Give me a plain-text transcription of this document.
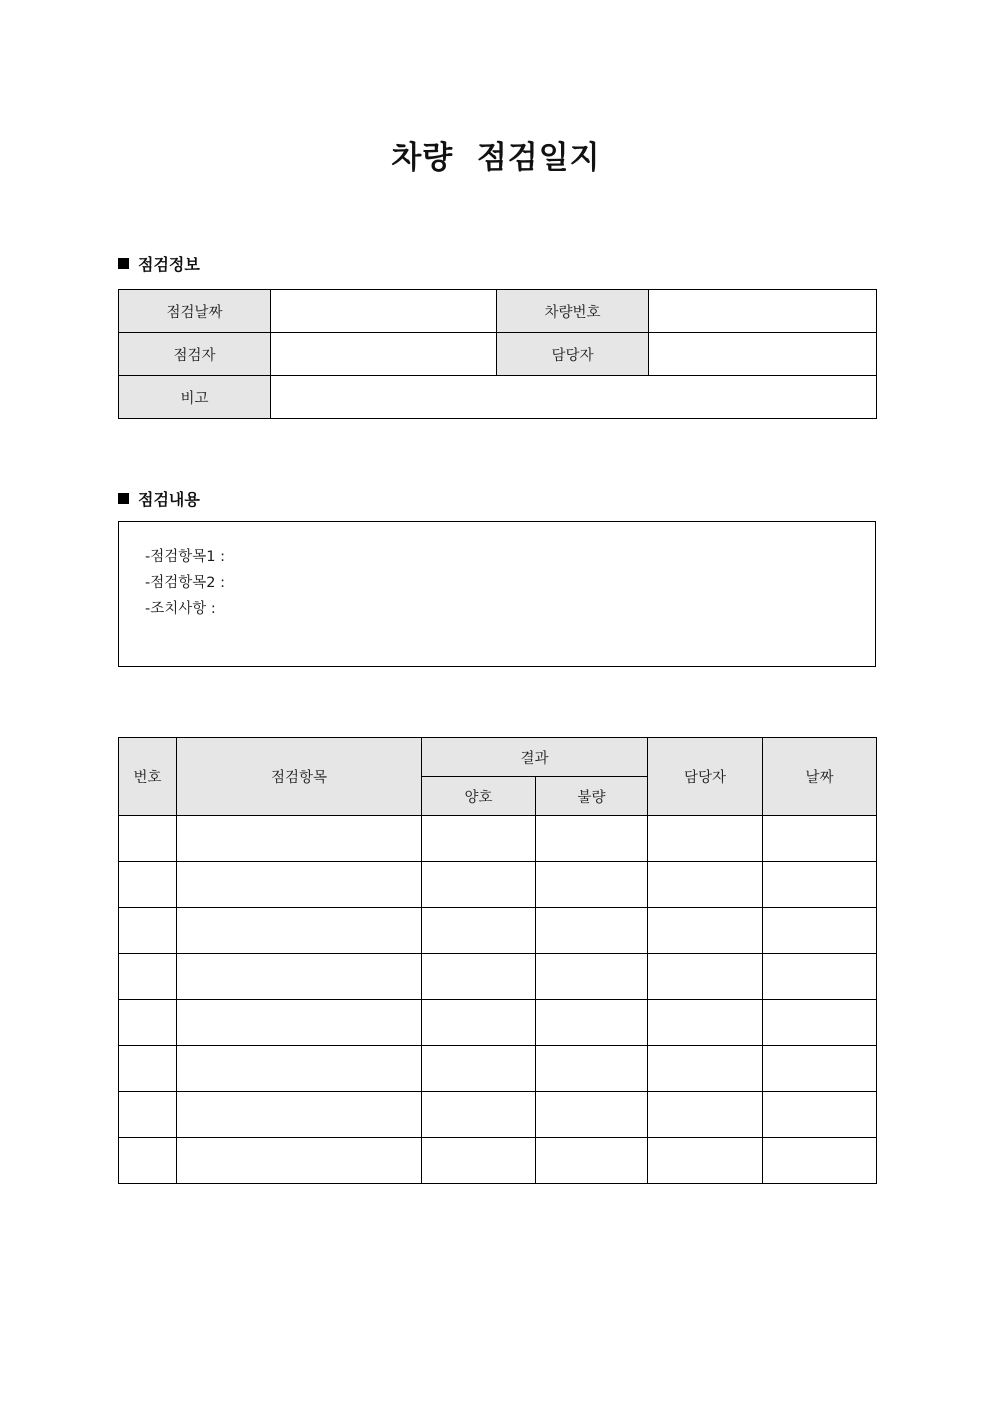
차량  점검일지
점검정보
점검날짜		차량번호	
점검자		담당자	
비고			
점검내용
-점검항목1 :
-점검항목2 :
-조치사항 :
번호	점검항목	결과		담당자	날짜
		양호	불량		
